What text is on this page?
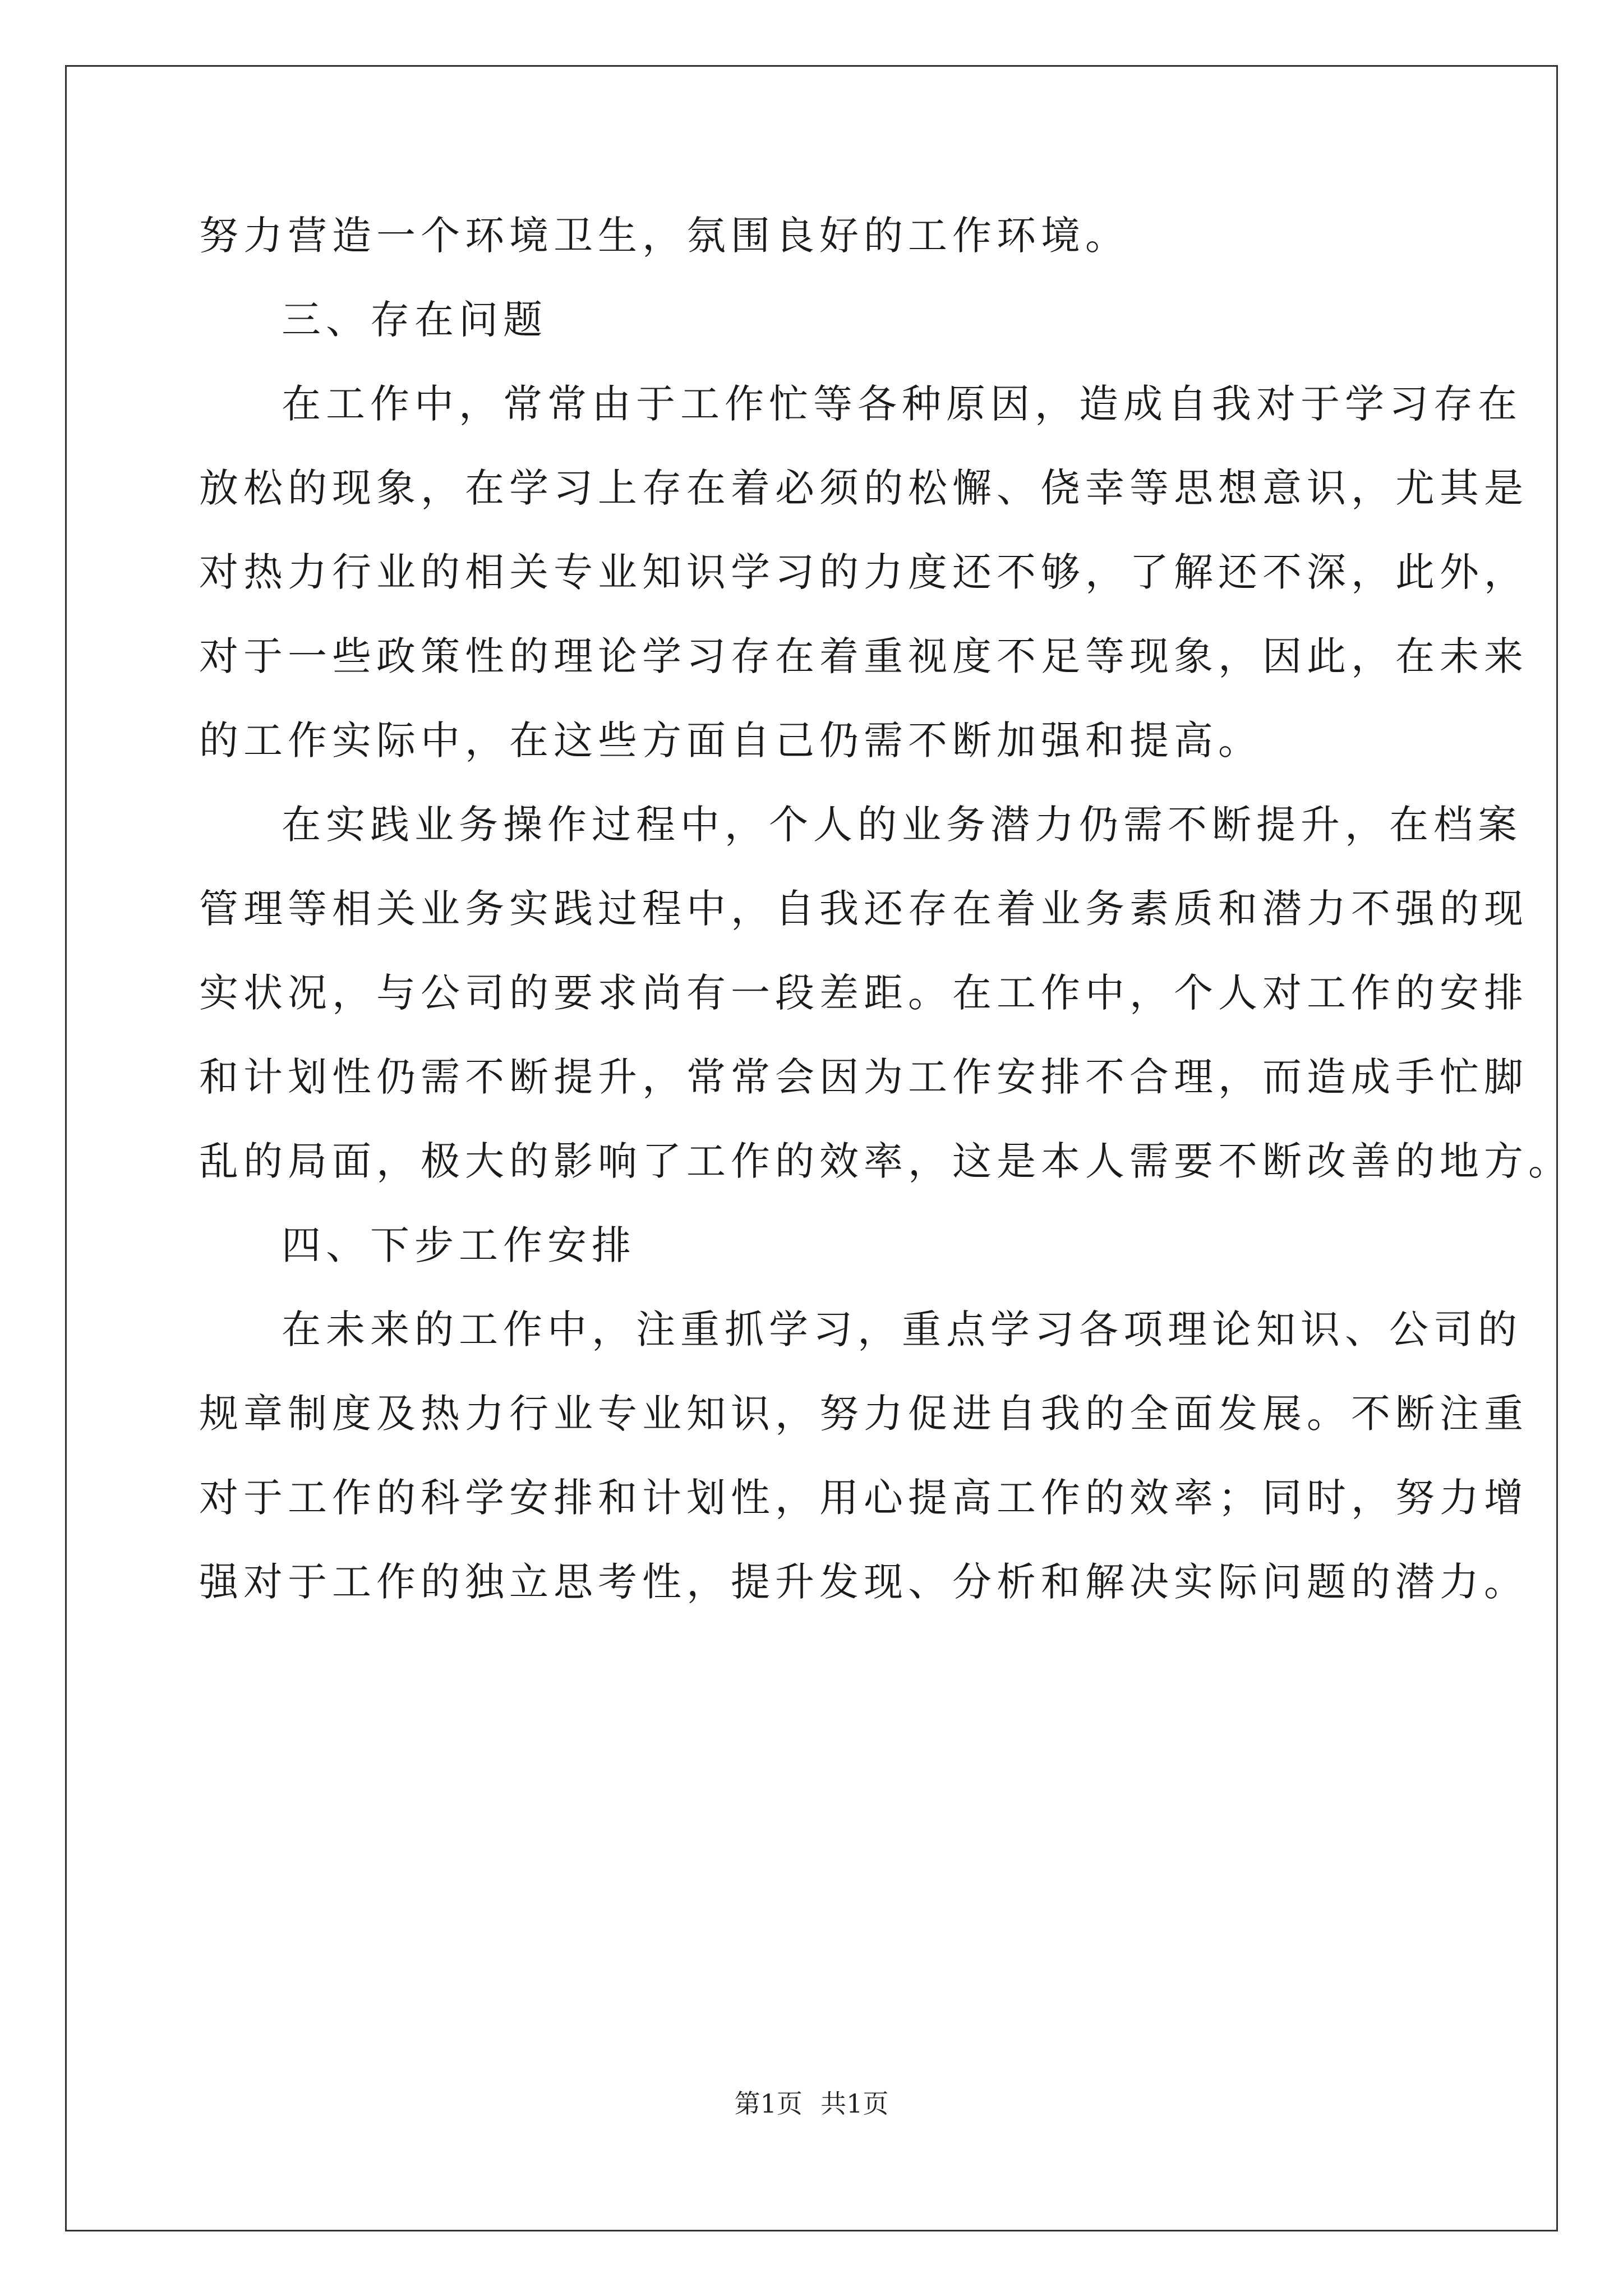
努力营造一个环境卫生，氛围良好的工作环境。
三、存在问题
在工作中，常常由于工作忙等各种原因，造成自我对于学习存在
放松的现象，在学习上存在着必须的松懈、侥幸等思想意识，尤其是
对热力行业的相关专业知识学习的力度还不够，了解还不深，此外，
对于一些政策性的理论学习存在着重视度不足等现象，因此，在未来
的工作实际中，在这些方面自己仍需不断加强和提高。
在实践业务操作过程中，个人的业务潜力仍需不断提升，在档案
管理等相关业务实践过程中，自我还存在着业务素质和潜力不强的现
实状况，与公司的要求尚有一段差距。在工作中，个人对工作的安排
和计划性仍需不断提升，常常会因为工作安排不合理，而造成手忙脚
乱的局面，极大的影响了工作的效率，这是本人需要不断改善的地方。
四、下步工作安排
在未来的工作中，注重抓学习，重点学习各项理论知识、公司的
规章制度及热力行业专业知识，努力促进自我的全面发展。不断注重
对于工作的科学安排和计划性，用心提高工作的效率；同时，努力增
强对于工作的独立思考性，提升发现、分析和解决实际问题的潜力。
第1页 共1页
